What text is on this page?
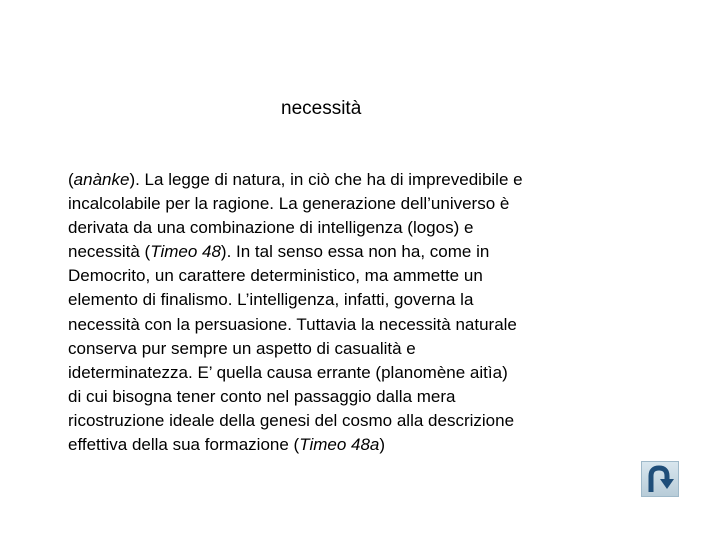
necessità
(anànke). La legge di natura, in ciò che ha di imprevedibile e
incalcolabile per la ragione. La generazione dell’universo è
derivata da una combinazione di intelligenza (logos) e
necessità (Timeo 48). In tal senso essa non ha, come in
Democrito, un carattere deterministico, ma ammette un
elemento di finalismo. L’intelligenza, infatti, governa la
necessità con la persuasione. Tuttavia la necessità naturale
conserva pur sempre un aspetto di casualità e
ideterminatezza. E’ quella causa errante (planomène aitìa)
di cui bisogna tener conto nel passaggio dalla mera
ricostruzione ideale della genesi del cosmo alla descrizione
effettiva della sua formazione (Timeo 48a)
